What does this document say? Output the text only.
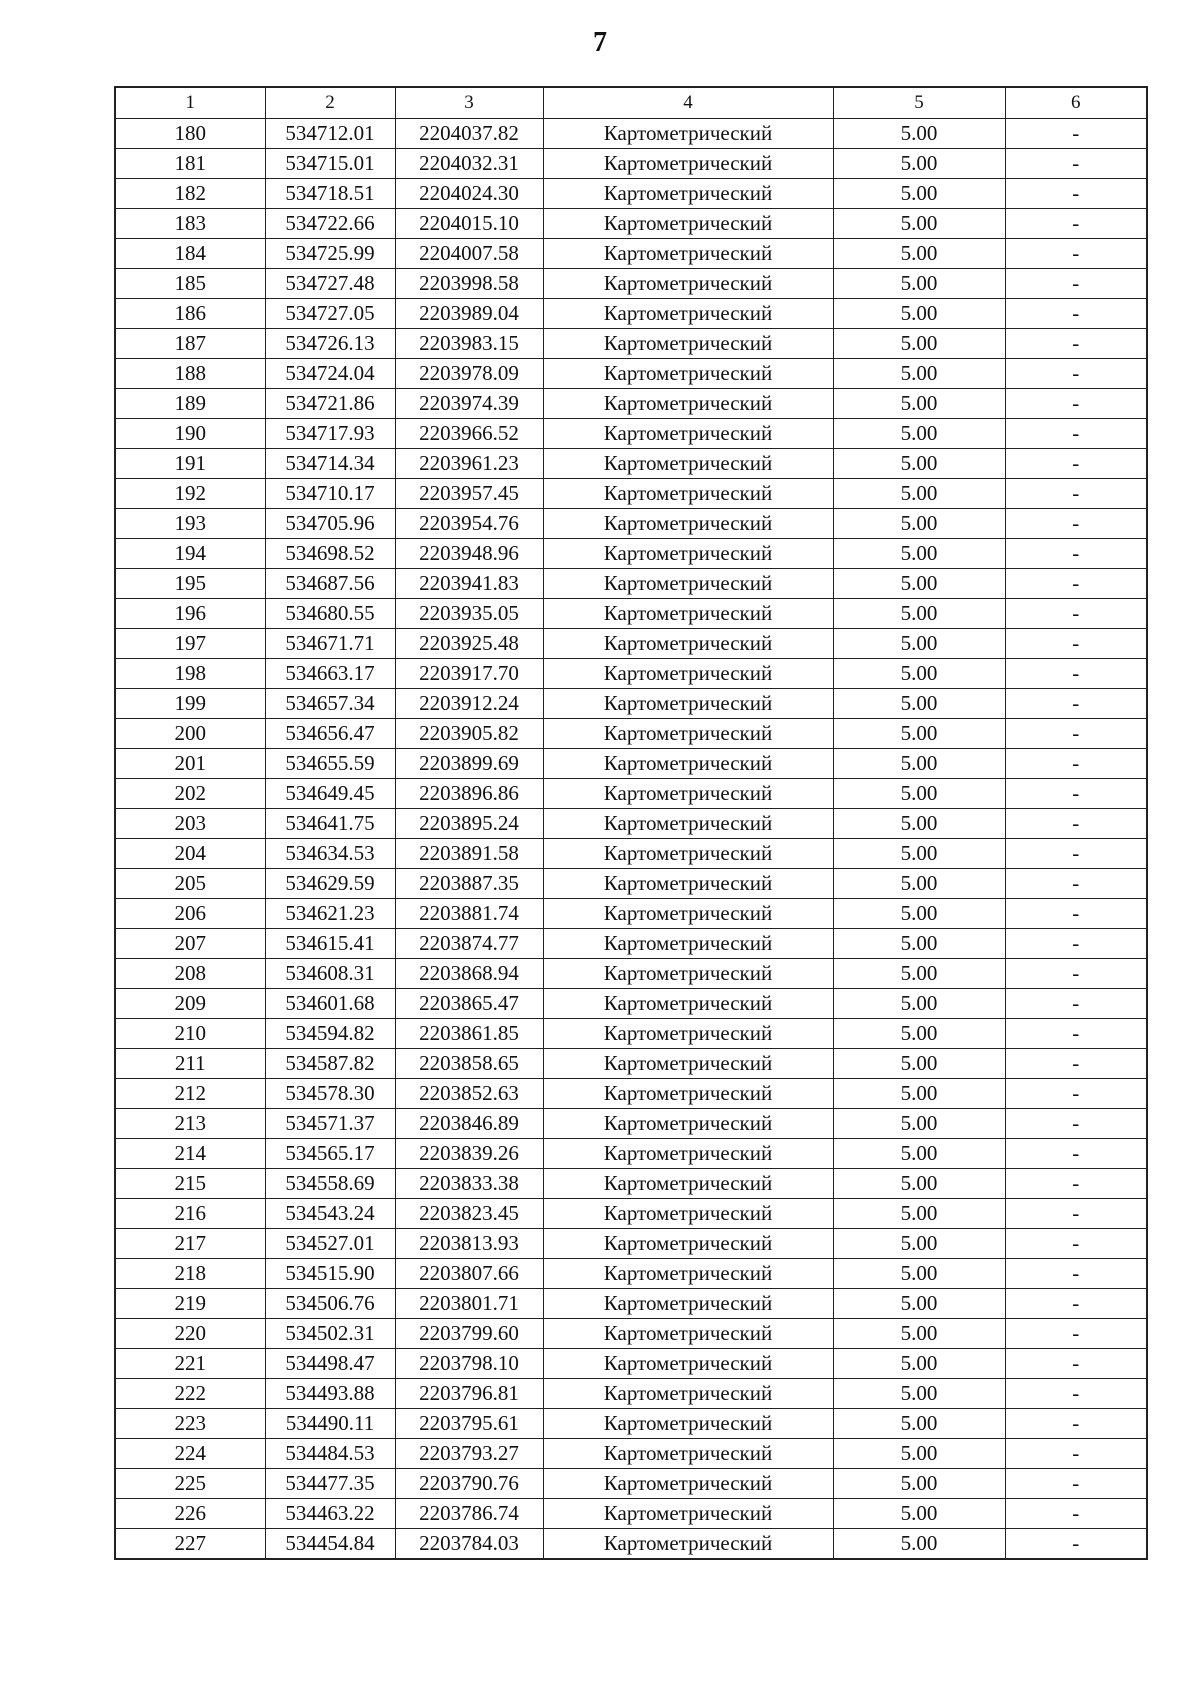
7
1	2	3	4	5	6
180	534712.01	2204037.82	Картометрический	5.00	-
181	534715.01	2204032.31	Картометрический	5.00	-
182	534718.51	2204024.30	Картометрический	5.00	-
183	534722.66	2204015.10	Картометрический	5.00	-
184	534725.99	2204007.58	Картометрический	5.00	-
185	534727.48	2203998.58	Картометрический	5.00	-
186	534727.05	2203989.04	Картометрический	5.00	-
187	534726.13	2203983.15	Картометрический	5.00	-
188	534724.04	2203978.09	Картометрический	5.00	-
189	534721.86	2203974.39	Картометрический	5.00	-
190	534717.93	2203966.52	Картометрический	5.00	-
191	534714.34	2203961.23	Картометрический	5.00	-
192	534710.17	2203957.45	Картометрический	5.00	-
193	534705.96	2203954.76	Картометрический	5.00	-
194	534698.52	2203948.96	Картометрический	5.00	-
195	534687.56	2203941.83	Картометрический	5.00	-
196	534680.55	2203935.05	Картометрический	5.00	-
197	534671.71	2203925.48	Картометрический	5.00	-
198	534663.17	2203917.70	Картометрический	5.00	-
199	534657.34	2203912.24	Картометрический	5.00	-
200	534656.47	2203905.82	Картометрический	5.00	-
201	534655.59	2203899.69	Картометрический	5.00	-
202	534649.45	2203896.86	Картометрический	5.00	-
203	534641.75	2203895.24	Картометрический	5.00	-
204	534634.53	2203891.58	Картометрический	5.00	-
205	534629.59	2203887.35	Картометрический	5.00	-
206	534621.23	2203881.74	Картометрический	5.00	-
207	534615.41	2203874.77	Картометрический	5.00	-
208	534608.31	2203868.94	Картометрический	5.00	-
209	534601.68	2203865.47	Картометрический	5.00	-
210	534594.82	2203861.85	Картометрический	5.00	-
211	534587.82	2203858.65	Картометрический	5.00	-
212	534578.30	2203852.63	Картометрический	5.00	-
213	534571.37	2203846.89	Картометрический	5.00	-
214	534565.17	2203839.26	Картометрический	5.00	-
215	534558.69	2203833.38	Картометрический	5.00	-
216	534543.24	2203823.45	Картометрический	5.00	-
217	534527.01	2203813.93	Картометрический	5.00	-
218	534515.90	2203807.66	Картометрический	5.00	-
219	534506.76	2203801.71	Картометрический	5.00	-
220	534502.31	2203799.60	Картометрический	5.00	-
221	534498.47	2203798.10	Картометрический	5.00	-
222	534493.88	2203796.81	Картометрический	5.00	-
223	534490.11	2203795.61	Картометрический	5.00	-
224	534484.53	2203793.27	Картометрический	5.00	-
225	534477.35	2203790.76	Картометрический	5.00	-
226	534463.22	2203786.74	Картометрический	5.00	-
227	534454.84	2203784.03	Картометрический	5.00	-
